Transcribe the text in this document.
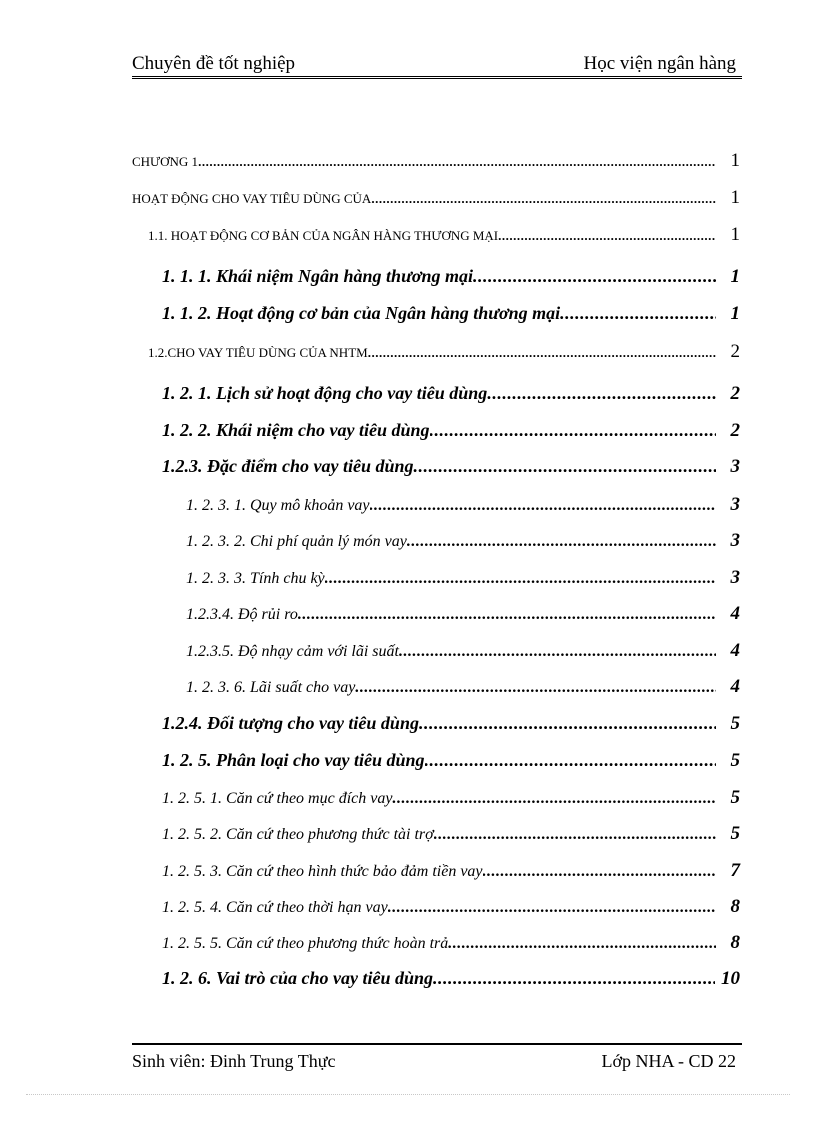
Chuyên đề tốt nghiệp	Học viện ngân hàng
CHƯƠNG 1 .....	1
HOẠT ĐỘNG CHO VAY TIÊU DÙNG CỦA .....	1
1.1. HOẠT ĐỘNG CƠ BẢN CỦA NGÂN HÀNG THƯƠNG MẠI .....	1
1. 1. 1. Khái niệm Ngân hàng thương mại .....	1
1. 1. 2. Hoạt động cơ bản của Ngân hàng thương mại .....	1
1.2.CHO VAY TIÊU DÙNG CỦA NHTM .....	2
1. 2. 1. Lịch sử hoạt động cho vay tiêu dùng .....	2
1. 2. 2. Khái niệm cho vay tiêu dùng .....	2
1.2.3. Đặc điểm cho vay tiêu dùng .....	3
1. 2. 3. 1. Quy mô khoản vay .....	3
1. 2. 3. 2. Chi phí quản lý món vay .....	3
1. 2. 3. 3. Tính chu kỳ .....	3
1.2.3.4. Độ rủi ro .....	4
1.2.3.5. Độ nhạy cảm với lãi suất .....	4
1. 2. 3. 6. Lãi suất cho vay .....	4
1.2.4. Đối tượng cho vay tiêu dùng .....	5
1. 2. 5. Phân loại cho vay tiêu dùng .....	5
1. 2. 5. 1. Căn cứ theo mục đích vay .....	5
1. 2. 5. 2. Căn cứ theo phương thức tài trợ .....	5
1. 2. 5. 3. Căn cứ theo hình thức bảo đảm tiền vay .....	7
1. 2. 5. 4. Căn cứ theo thời hạn vay .....	8
1. 2. 5. 5. Căn cứ theo phương thức hoàn trả .....	8
1. 2. 6. Vai trò của cho vay tiêu dùng .....	10
Sinh viên: Đinh Trung Thực	Lớp NHA - CD 22
